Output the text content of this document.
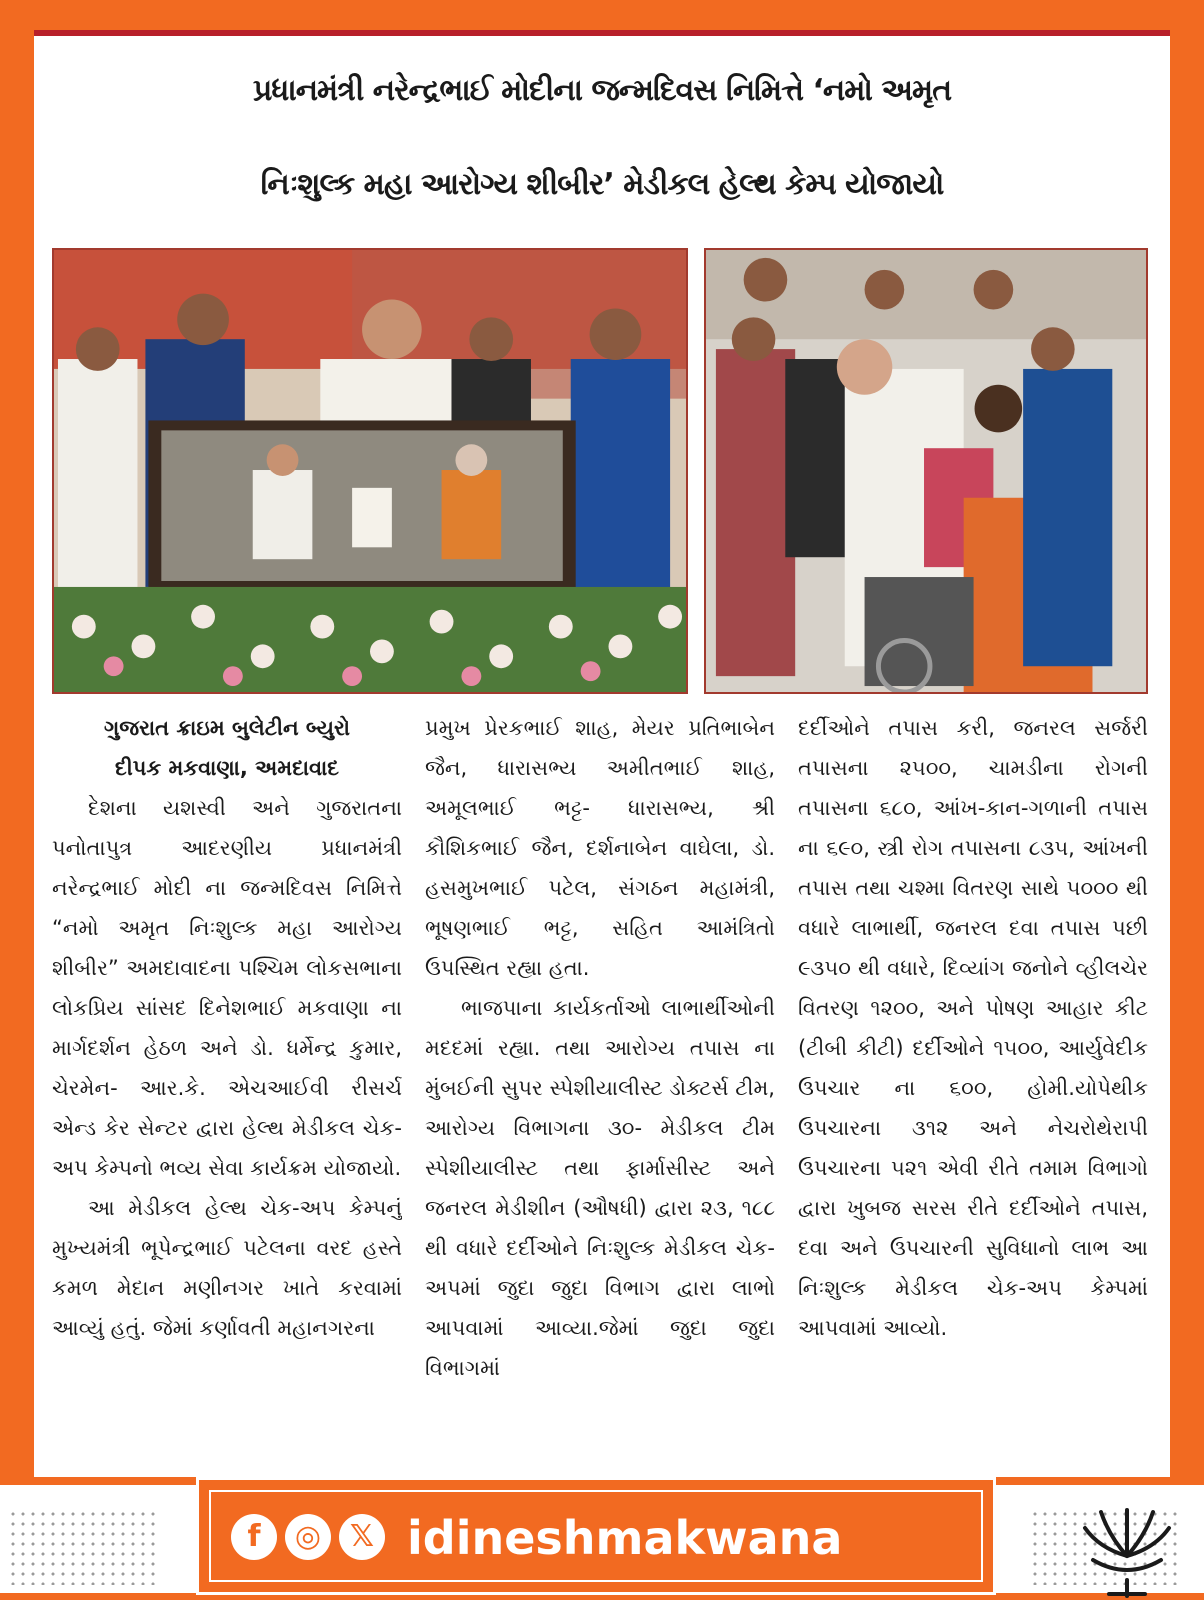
પ્રધાનમંત્રી નરેન્દ્રભાઈ મોદીના જન્મદિવસ નિમિત્તે ‘નમો અમૃત
નિઃશુલ્ક મહા આરોગ્ય શીબીર’ મેડીકલ હેલ્થ કેમ્પ યોજાયો
ગુજરાત ક્રાઇમ બુલેટીન બ્યુરો
દીપક મકવાણા, અમદાવાદ

દેશના યશસ્વી અને ગુજરાતના પનોતાપુત્ર આદરણીય પ્રધાનમંત્રી નરેન્દ્રભાઈ મોદી ના જન્મદિવસ નિમિત્તે “નમો અમૃત નિઃશુલ્ક મહા આરોગ્ય શીબીર” અમદાવાદના પશ્ચિમ લોકસભાના લોકપ્રિય સાંસદ દિનેશભાઈ મકવાણા ના માર્ગદર્શન હેઠળ અને ડો. ધર્મેન્દ્ર કુમાર, ચેરમેન- આર.કે. એચઆઈવી રીસર્ચ એન્ડ કેર સેન્ટર દ્વારા હેલ્થ મેડીકલ ચેક-અપ કેમ્પનો ભવ્ય સેવા કાર્યક્રમ યોજાયો.

આ મેડીકલ હેલ્થ ચેક-અપ કેમ્પનું મુખ્યમંત્રી ભૂપેન્દ્રભાઈ પટેલના વરદ હસ્તે કમળ મેદાન મણીનગર ખાતે કરવામાં આવ્યું હતું. જેમાં કર્ણાવતી મહાનગરના

પ્રમુખ પ્રેરકભાઈ શાહ, મેયર પ્રતિભાબેન જૈન, ધારાસભ્ય અમીતભાઈ શાહ, અમૂલભાઈ ભટ્ટ- ધારાસભ્ય, શ્રી કૌશિકભાઈ જૈન, દર્શનાબેન વાઘેલા, ડો. હસમુખભાઈ પટેલ, સંગઠન મહામંત્રી, ભૂષણભાઈ ભટ્ટ, સહિત આમંત્રિતો ઉપસ્થિત રહ્યા હતા.

ભાજપાના કાર્યકર્તાઓ લાભાર્થીઓની મદદમાં રહ્યા. તથા આરોગ્ય તપાસ ના મુંબઈની સુપર સ્પેશીયાલીસ્ટ ડોક્ટર્સ ટીમ, આરોગ્ય વિભાગના ૩૦- મેડીકલ ટીમ સ્પેશીયાલીસ્ટ તથા ફાર્માસીસ્ટ અને જનરલ મેડીશીન (ઔષધી) દ્વારા ૨૩, ૧૮૮ થી વધારે દર્દીઓને નિઃશુલ્ક મેડીકલ ચેક-અપમાં જુદા જુદા વિભાગ દ્વારા લાભો આપવામાં આવ્યા.જેમાં જુદા જુદા વિભાગમાં

દર્દીઓને તપાસ કરી, જનરલ સર્જરી તપાસના ૨૫૦૦, ચામડીના રોગની તપાસના ૬૮૦, આંખ-કાન-ગળાની તપાસ ના ૬૯૦, સ્ત્રી રોગ તપાસના ૮૩૫, આંખની તપાસ તથા ચશ્મા વિતરણ સાથે ૫૦૦૦ થી વધારે લાભાર્થી, જનરલ દવા તપાસ પછી ૯૩૫૦ થી વધારે, દિવ્યાંગ જનોને વ્હીલચેર વિતરણ ૧૨૦૦, અને પોષણ આહાર કીટ (ટીબી કીટી) દર્દીઓને ૧૫૦૦, આર્યુવેદીક ઉપચાર ના ૬૦૦, હોમી.યોપેથીક ઉપચારના ૩૧૨ અને નેચરોથેરાપી ઉપચારના ૫૨૧ એવી રીતે તમામ વિભાગો દ્વારા ખુબજ સરસ રીતે દર્દીઓને તપાસ, દવા અને ઉપચારની સુવિધાનો લાભ આ નિઃશુલ્ક મેડીકલ ચેક-અપ કેમ્પમાં આપવામાં આવ્યો.

f	◎ 𝕏 idineshmakwana
